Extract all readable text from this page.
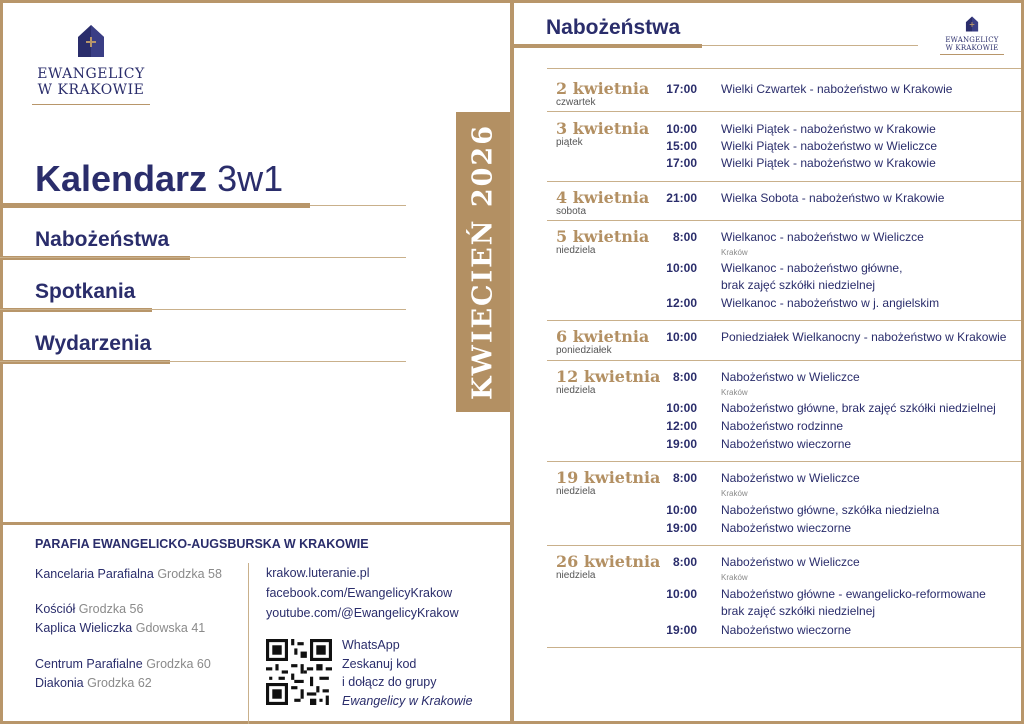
EWANGELICY
W KRAKOWIE
Kalendarz 3w1
Nabożeństwa
Spotkania
Wydarzenia	KWIECIEŃ 2026
PARAFIA EWANGELICKO-AUGSBURSKA W KRAKOWIE
Kancelaria Parafialna Grodzka 58
Kościół Grodzka 56
Kaplica Wieliczka Gdowska 41
Centrum Parafialne Grodzka 60
Diakonia Grodzka 62
krakow.luteranie.pl
facebook.com/EwangelicyKrakow
youtube.com/@EwangelicyKrakow
WhatsApp
Zeskanuj kod
i dołącz do grupy
Ewangelicy w Krakowie
Nabożeństwa
EWANGELICY
W KRAKOWIE
2 kwietnia
czwartek
17:00 Wielki Czwartek - nabożeństwo w Krakowie
3 kwietnia
piątek
10:00 Wielki Piątek - nabożeństwo w Krakowie
15:00 Wielki Piątek - nabożeństwo w Wieliczce
17:00 Wielki Piątek - nabożeństwo w Krakowie
4 kwietnia
sobota
21:00 Wielka Sobota - nabożeństwo w Krakowie
5 kwietnia
niedziela
8:00 Wielkanoc - nabożeństwo w Wieliczce
Kraków
10:00 Wielkanoc - nabożeństwo główne,
brak zajęć szkółki niedzielnej
12:00 Wielkanoc - nabożeństwo w j. angielskim
6 kwietnia
poniedziałek
10:00 Poniedziałek Wielkanocny - nabożeństwo w Krakowie
12 kwietnia
niedziela
8:00 Nabożeństwo w Wieliczce
Kraków
10:00 Nabożeństwo główne, brak zajęć szkółki niedzielnej
12:00 Nabożeństwo rodzinne
19:00 Nabożeństwo wieczorne
19 kwietnia
niedziela
8:00 Nabożeństwo w Wieliczce
Kraków
10:00 Nabożeństwo główne, szkółka niedzielna
19:00 Nabożeństwo wieczorne
26 kwietnia
niedziela
8:00 Nabożeństwo w Wieliczce
Kraków
10:00 Nabożeństwo główne - ewangelicko-reformowane
brak zajęć szkółki niedzielnej
19:00 Nabożeństwo wieczorne
